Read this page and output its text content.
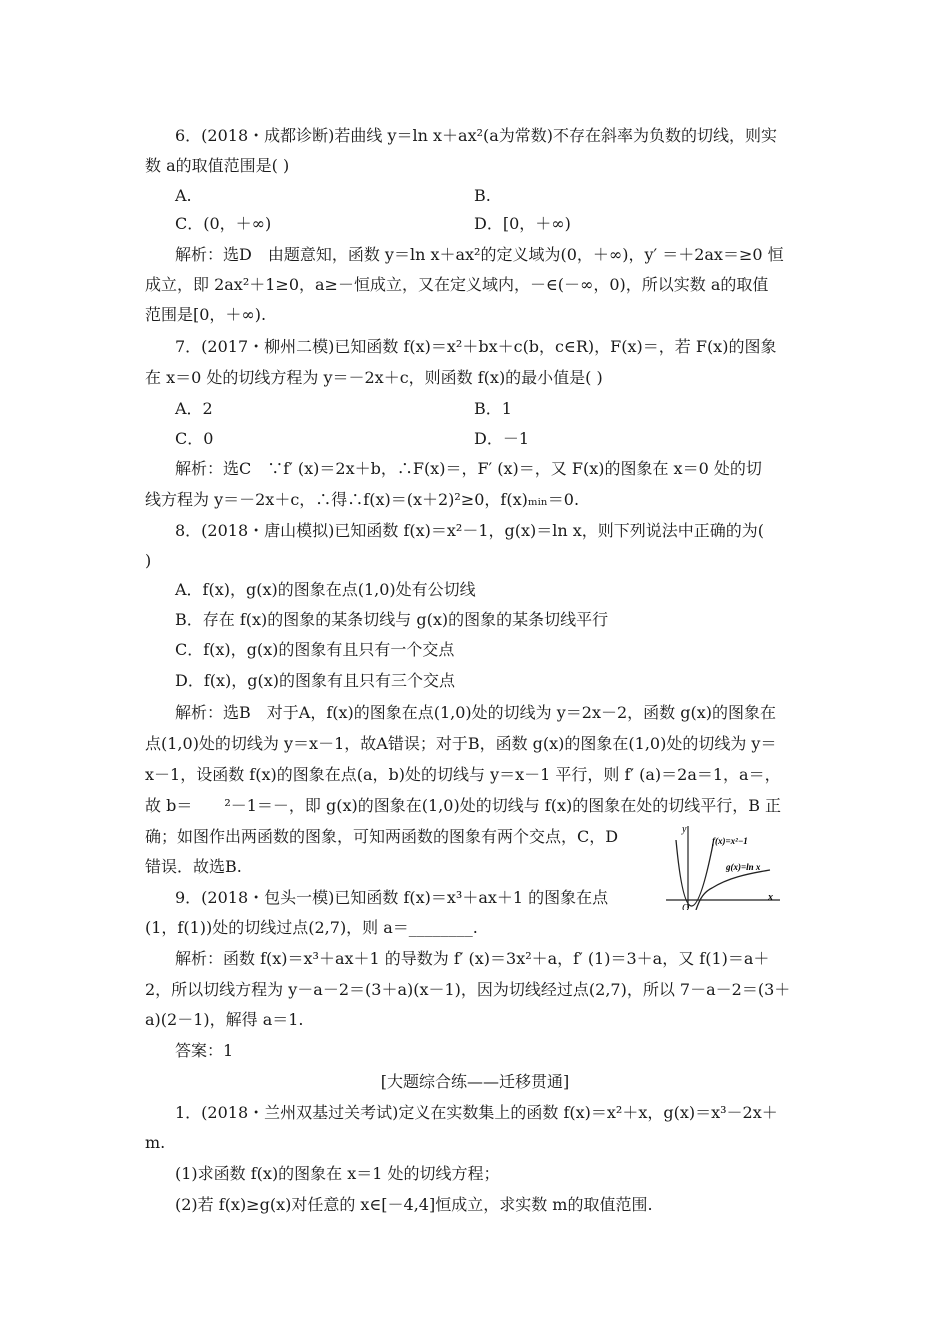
6．(2018・成都诊断)若曲线 y＝ln x＋ax²(a为常数)不存在斜率为负数的切线，则实
数 a的取值范围是( )
A.	B.
C．(0，＋∞)	D．[0，＋∞)
解析：选D　由题意知，函数 y＝ln x＋ax²的定义域为(0，＋∞)，y′ ＝＋2ax＝≥0 恒
成立，即 2ax²＋1≥0，a≥－恒成立，又在定义域内，－∈(－∞，0)，所以实数 a的取值
范围是[0，＋∞).
7．(2017・柳州二模)已知函数 f(x)＝x²＋bx＋c(b，c∈R)，F(x)＝，若 F(x)的图象
在 x＝0 处的切线方程为 y＝－2x＋c，则函数 f(x)的最小值是( )
A．2	B．1
C．0	D．－1
解析：选C　∵f′ (x)＝2x＋b，∴F(x)＝，F′ (x)＝，又 F(x)的图象在 x＝0 处的切
线方程为 y＝－2x＋c，∴得∴f(x)＝(x＋2)²≥0，f(x)ₘᵢₙ＝0.
8．(2018・唐山模拟)已知函数 f(x)＝x²－1，g(x)＝ln x，则下列说法中正确的为(
)
A．f(x)，g(x)的图象在点(1,0)处有公切线
B．存在 f(x)的图象的某条切线与 g(x)的图象的某条切线平行
C．f(x)，g(x)的图象有且只有一个交点
D．f(x)，g(x)的图象有且只有三个交点
解析：选B　对于A，f(x)的图象在点(1,0)处的切线为 y＝2x－2，函数 g(x)的图象在
点(1,0)处的切线为 y＝x－1，故A错误；对于B，函数 g(x)的图象在(1,0)处的切线为 y＝
x－1，设函数 f(x)的图象在点(a，b)处的切线与 y＝x－1 平行，则 f′ (a)＝2a＝1，a＝，
故 b＝　　²－1＝－，即 g(x)的图象在(1,0)处的切线与 f(x)的图象在处的切线平行，B 正
确；如图作出两函数的图象，可知两函数的图象有两个交点，C，D
错误．故选B.
y
x
O
f(x)=x²−1
g(x)=ln x
9．(2018・包头一模)已知函数 f(x)＝x³＋ax＋1 的图象在点
(1，f(1))处的切线过点(2,7)，则 a＝________.
解析：函数 f(x)＝x³＋ax＋1 的导数为 f′ (x)＝3x²＋a，f′ (1)＝3＋a，又 f(1)＝a＋
2，所以切线方程为 y－a－2＝(3＋a)(x－1)，因为切线经过点(2,7)，所以 7－a－2＝(3＋
a)(2－1)，解得 a＝1.
答案：1
[大题综合练——迁移贯通]
1．(2018・兰州双基过关考试)定义在实数集上的函数 f(x)＝x²＋x，g(x)＝x³－2x＋
m.
(1)求函数 f(x)的图象在 x＝1 处的切线方程；
(2)若 f(x)≥g(x)对任意的 x∈[－4,4]恒成立，求实数 m的取值范围.
